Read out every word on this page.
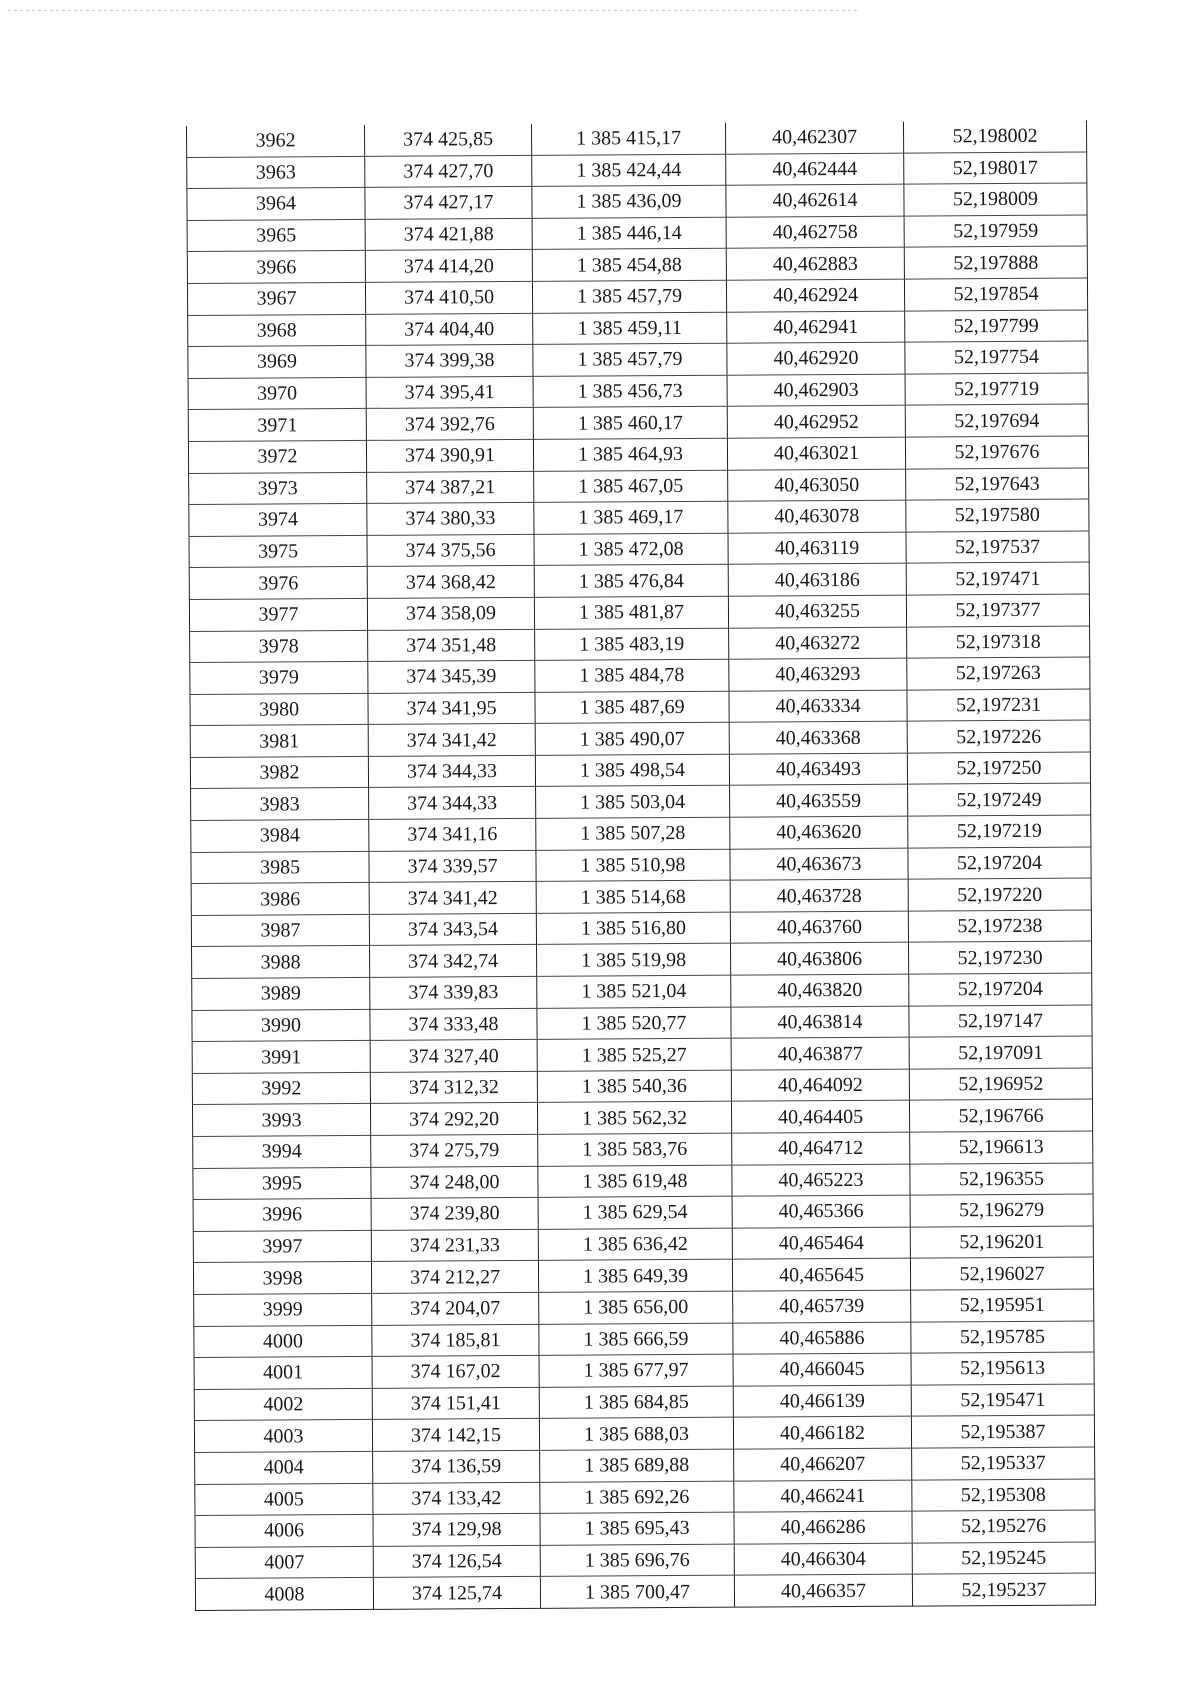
3962	374 425,85	1 385 415,17	40,462307	52,198002
3963	374 427,70	1 385 424,44	40,462444	52,198017
3964	374 427,17	1 385 436,09	40,462614	52,198009
3965	374 421,88	1 385 446,14	40,462758	52,197959
3966	374 414,20	1 385 454,88	40,462883	52,197888
3967	374 410,50	1 385 457,79	40,462924	52,197854
3968	374 404,40	1 385 459,11	40,462941	52,197799
3969	374 399,38	1 385 457,79	40,462920	52,197754
3970	374 395,41	1 385 456,73	40,462903	52,197719
3971	374 392,76	1 385 460,17	40,462952	52,197694
3972	374 390,91	1 385 464,93	40,463021	52,197676
3973	374 387,21	1 385 467,05	40,463050	52,197643
3974	374 380,33	1 385 469,17	40,463078	52,197580
3975	374 375,56	1 385 472,08	40,463119	52,197537
3976	374 368,42	1 385 476,84	40,463186	52,197471
3977	374 358,09	1 385 481,87	40,463255	52,197377
3978	374 351,48	1 385 483,19	40,463272	52,197318
3979	374 345,39	1 385 484,78	40,463293	52,197263
3980	374 341,95	1 385 487,69	40,463334	52,197231
3981	374 341,42	1 385 490,07	40,463368	52,197226
3982	374 344,33	1 385 498,54	40,463493	52,197250
3983	374 344,33	1 385 503,04	40,463559	52,197249
3984	374 341,16	1 385 507,28	40,463620	52,197219
3985	374 339,57	1 385 510,98	40,463673	52,197204
3986	374 341,42	1 385 514,68	40,463728	52,197220
3987	374 343,54	1 385 516,80	40,463760	52,197238
3988	374 342,74	1 385 519,98	40,463806	52,197230
3989	374 339,83	1 385 521,04	40,463820	52,197204
3990	374 333,48	1 385 520,77	40,463814	52,197147
3991	374 327,40	1 385 525,27	40,463877	52,197091
3992	374 312,32	1 385 540,36	40,464092	52,196952
3993	374 292,20	1 385 562,32	40,464405	52,196766
3994	374 275,79	1 385 583,76	40,464712	52,196613
3995	374 248,00	1 385 619,48	40,465223	52,196355
3996	374 239,80	1 385 629,54	40,465366	52,196279
3997	374 231,33	1 385 636,42	40,465464	52,196201
3998	374 212,27	1 385 649,39	40,465645	52,196027
3999	374 204,07	1 385 656,00	40,465739	52,195951
4000	374 185,81	1 385 666,59	40,465886	52,195785
4001	374 167,02	1 385 677,97	40,466045	52,195613
4002	374 151,41	1 385 684,85	40,466139	52,195471
4003	374 142,15	1 385 688,03	40,466182	52,195387
4004	374 136,59	1 385 689,88	40,466207	52,195337
4005	374 133,42	1 385 692,26	40,466241	52,195308
4006	374 129,98	1 385 695,43	40,466286	52,195276
4007	374 126,54	1 385 696,76	40,466304	52,195245
4008	374 125,74	1 385 700,47	40,466357	52,195237
